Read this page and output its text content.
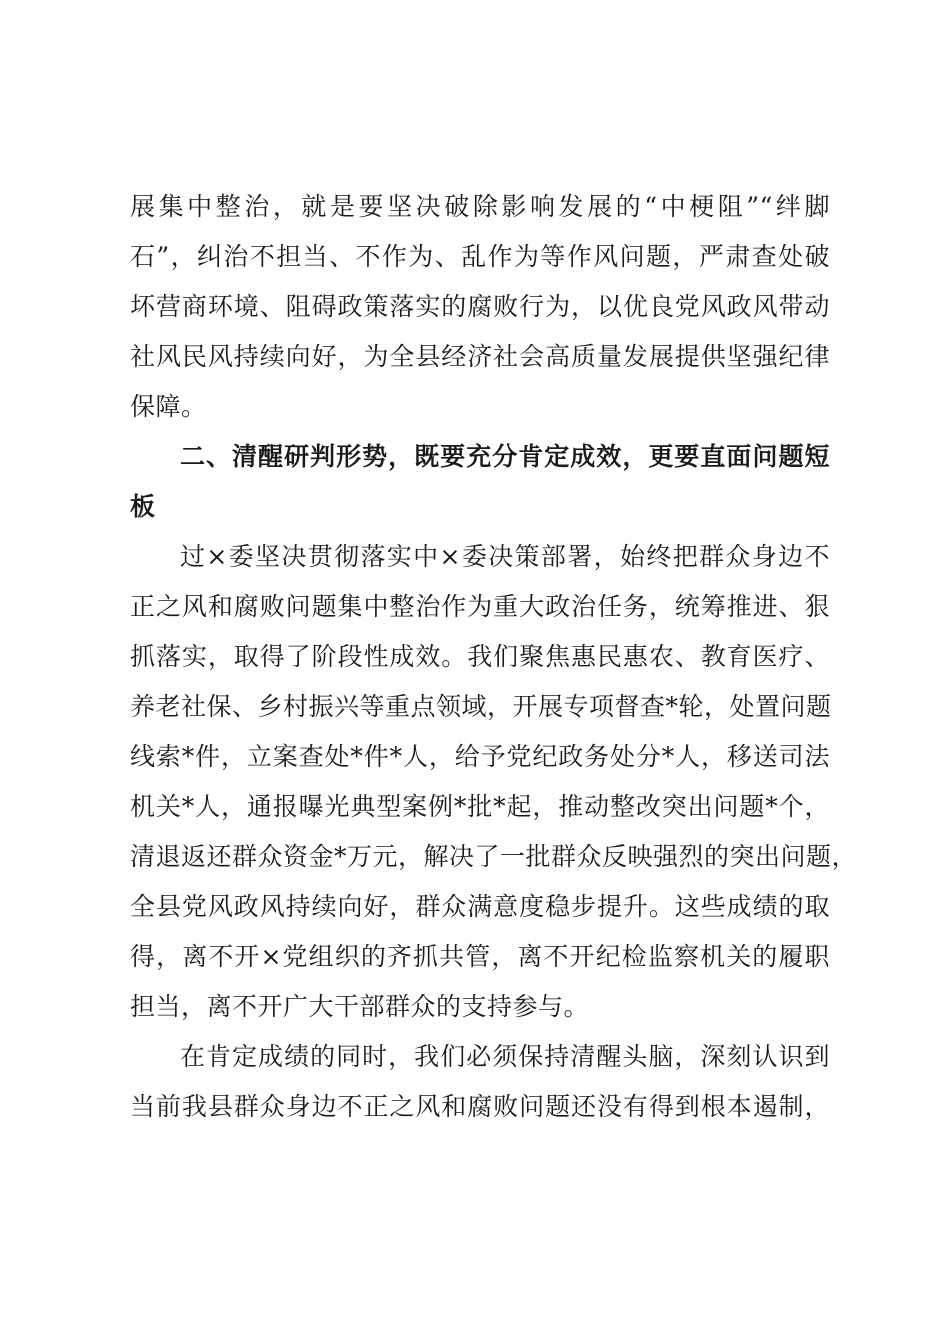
展集中整治，就是要坚决破除影响发展的“中梗阻”“绊脚
石”，纠治不担当、不作为、乱作为等作风问题，严肃查处破
坏营商环境、阻碍政策落实的腐败行为，以优良党风政风带动
社风民风持续向好，为全县经济社会高质量发展提供坚强纪律
保障。
二、清醒研判形势，既要充分肯定成效，更要直面问题短
板
过×委坚决贯彻落实中×委决策部署，始终把群众身边不
正之风和腐败问题集中整治作为重大政治任务，统筹推进、狠
抓落实，取得了阶段性成效。我们聚焦惠民惠农、教育医疗、
养老社保、乡村振兴等重点领域，开展专项督查*轮，处置问题
线索*件，立案查处*件*人，给予党纪政务处分*人，移送司法
机关*人，通报曝光典型案例*批*起，推动整改突出问题*个，
清退返还群众资金*万元，解决了一批群众反映强烈的突出问题，
全县党风政风持续向好，群众满意度稳步提升。这些成绩的取
得，离不开×党组织的齐抓共管，离不开纪检监察机关的履职
担当，离不开广大干部群众的支持参与。
在肯定成绩的同时，我们必须保持清醒头脑，深刻认识到
当前我县群众身边不正之风和腐败问题还没有得到根本遏制，
